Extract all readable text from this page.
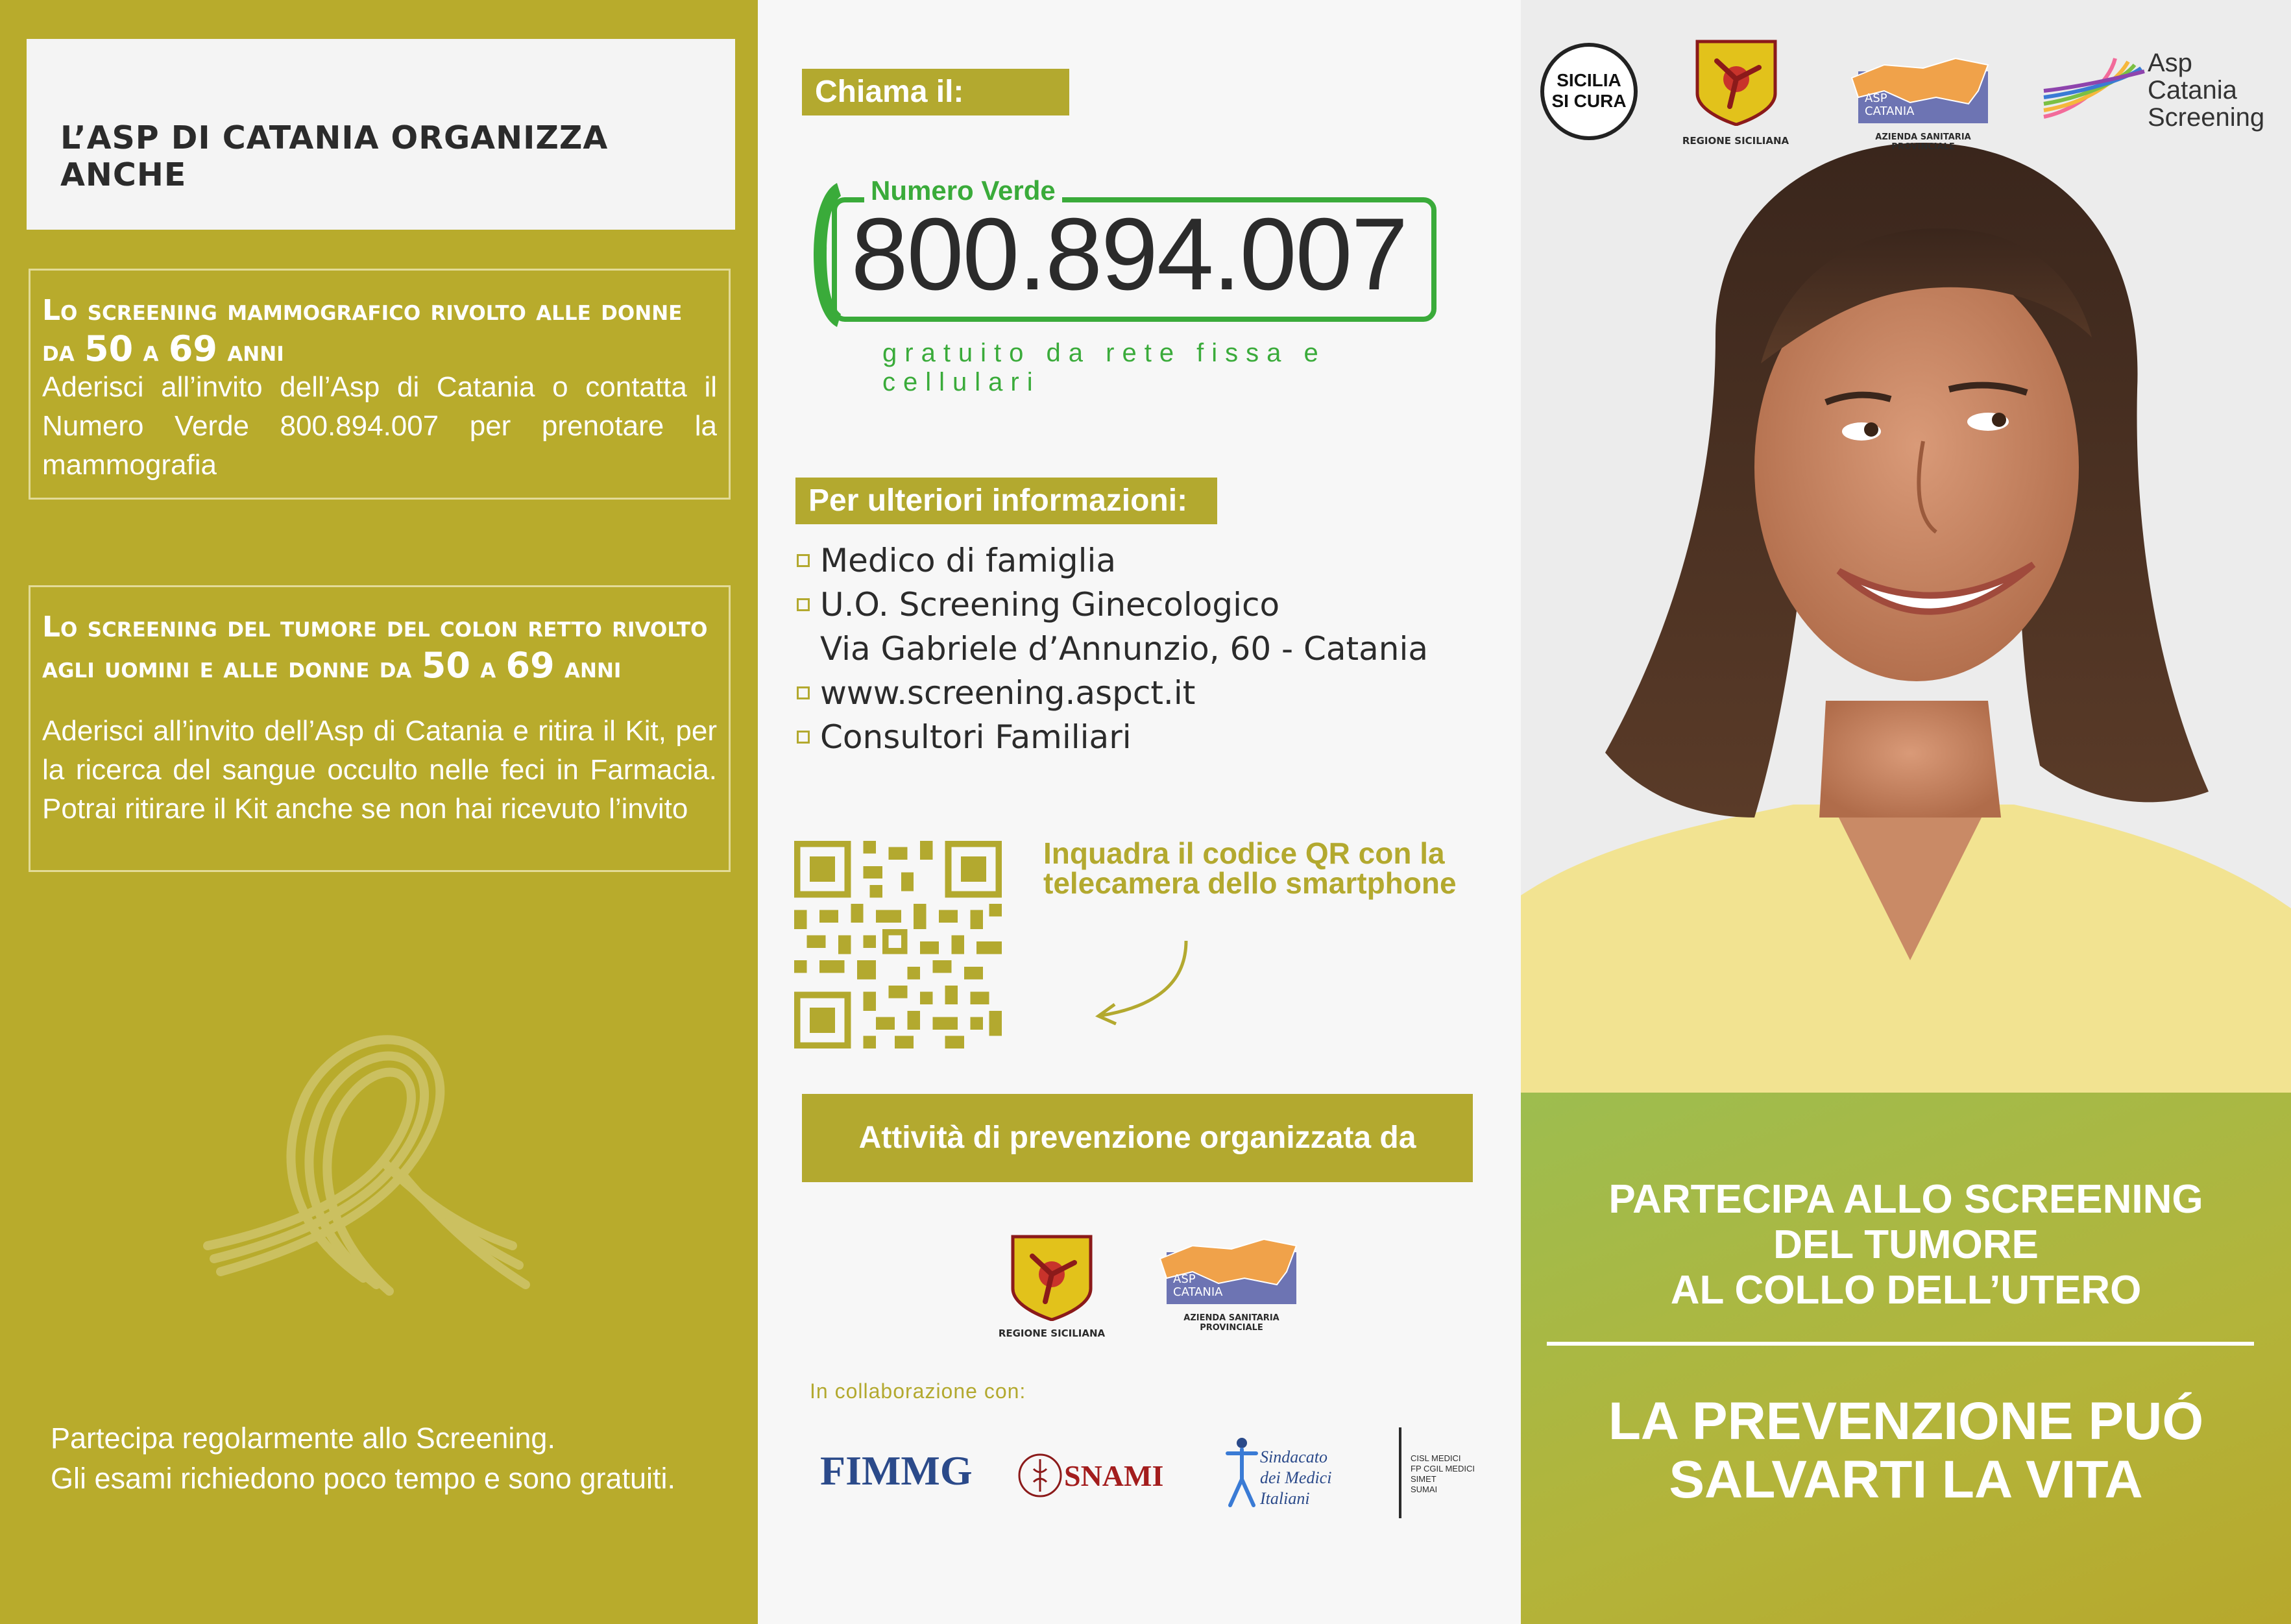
L’ASP DI CATANIA ORGANIZZA ANCHE
Lo screening mammografico rivolto alle donne da 50 a 69 anni
Aderisci all’invito dell’Asp di Catania o contatta il Numero Verde 800.894.007 per prenotare la mammografia
Lo screening del tumore del colon retto rivolto agli uomini e alle donne da 50 a 69 anni
Aderisci all’invito dell’Asp di Catania e ritira il Kit, per la ricerca del sangue occulto nelle feci in Farmacia. Potrai ritirare il Kit anche se non hai ricevuto l’invito
Partecipa regolarmente allo Screening.
Gli esami richiedono poco tempo e sono gratuiti.
Chiama il:
Numero Verde
800.894.007
gratuito da rete fissa e cellulari
Per ulteriori informazioni:
Medico di famiglia
U.O. Screening Ginecologico
Via Gabriele d’Annunzio, 60 - Catania
www.screening.aspct.it
Consultori Familiari
Inquadra il codice QR con la telecamera dello smartphone
Attività di prevenzione organizzata da
REGIONE SICILIANA
ASP
CATANIA
AZIENDA SANITARIA PROVINCIALE
In collaborazione con:
FIMMG	SNAMI
Sindacato
dei Medici
Italiani
CISL MEDICI
FP CGIL MEDICI
SIMET
SUMAI
SICILIA
SI CURA
REGIONE SICILIANA
ASP
CATANIA
AZIENDA SANITARIA PROVINCIALE
Asp
Catania
Screening
PARTECIPA ALLO SCREENING
DEL TUMORE
AL COLLO DELL’UTERO
LA PREVENZIONE PUÓ
SALVARTI LA VITA
